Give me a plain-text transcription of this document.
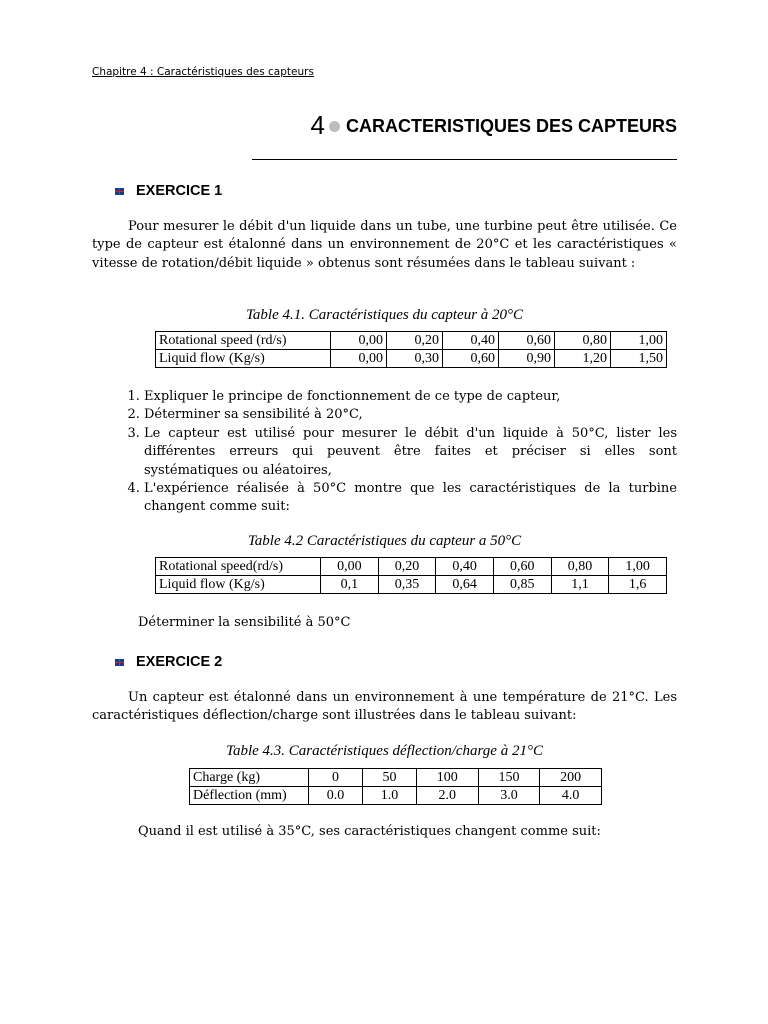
Chapitre 4 : Caractéristiques des capteurs
4 CARACTERISTIQUES DES CAPTEURS
EXERCICE 1
Pour mesurer le débit d'un liquide dans un tube, une turbine peut être utilisée. Ce type de capteur est étalonné dans un environnement de 20°C et les caractéristiques « vitesse de rotation/débit liquide » obtenus sont résumées dans le tableau suivant :
Table 4.1. Caractéristiques du capteur à 20°C
Rotational speed (rd/s)	0,00	0,20	0,40	0,60	0,80	1,00
Liquid flow (Kg/s)	0,00	0,30	0,60	0,90	1,20	1,50
1. Expliquer le principe de fonctionnement de ce type de capteur,
2. Déterminer sa sensibilité à 20°C,
3. Le capteur est utilisé pour mesurer le débit d'un liquide à 50°C, lister les différentes erreurs qui peuvent être faites et préciser si elles sont systématiques ou aléatoires,
4. L'expérience réalisée à 50°C montre que les caractéristiques de la turbine changent comme suit:
Table 4.2 Caractéristiques du capteur a 50°C
Rotational speed(rd/s)	0,00	0,20	0,40	0,60	0,80	1,00
Liquid flow (Kg/s)	0,1	0,35	0,64	0,85	1,1	1,6
Déterminer la sensibilité à 50°C
EXERCICE 2
Un capteur est étalonné dans un environnement à une température de 21°C. Les caractéristiques déflection/charge sont illustrées dans le tableau suivant:
Table 4.3. Caractéristiques déflection/charge à 21°C
Charge (kg)	0	50	100	150	200
Déflection (mm)	0.0	1.0	2.0	3.0	4.0
Quand il est utilisé à 35°C, ses caractéristiques changent comme suit:
